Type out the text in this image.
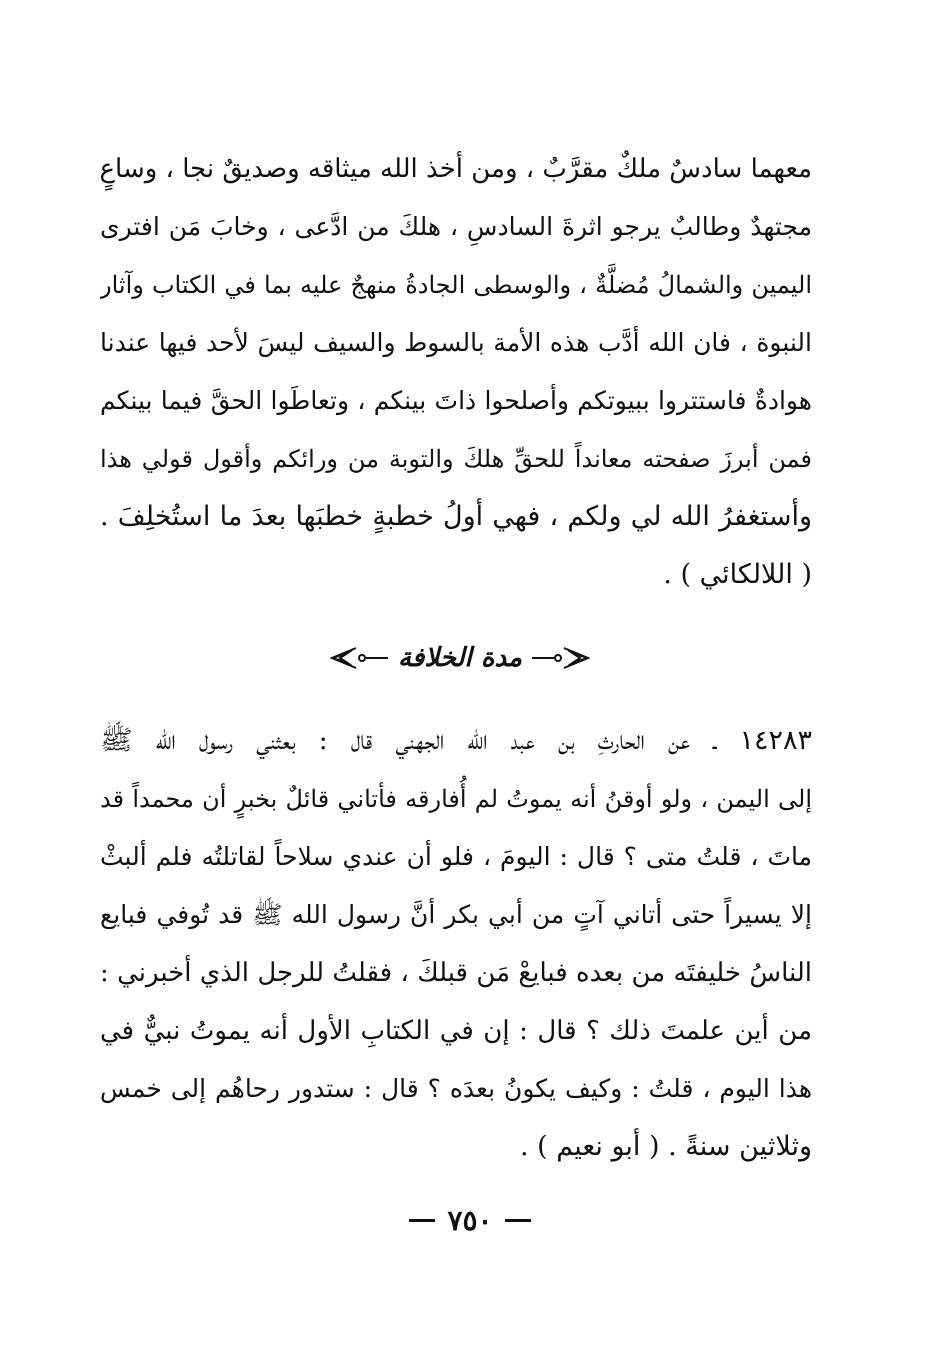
معهما سادسٌ ملكٌ مقرَّبٌ ، ومن أخذ الله ميثاقه وصديقٌ نجا ، وساعٍ
مجتهدٌ وطالبٌ يرجو اثرةَ السادسِ ، هلكَ من ادَّعى ، وخابَ مَن افترى
اليمين والشمالُ مُضلَّةٌ ، والوسطى الجادةُ منهجٌ عليه بما في الكتاب وآثار
النبوة ، فان الله أدَّب هذه الأمة بالسوط والسيف ليسَ لأحد فيها عندنا
هوادةٌ فاستتروا ببيوتكم وأصلحوا ذاتَ بينكم ، وتعاطَوا الحقَّ فيما بينكم
فمن أبرزَ صفحته معانداً للحقِّ هلكَ والتوبة من ورائكم وأقول قولي هذا
وأستغفرُ الله لي ولكم ، فهي أولُ خطبةٍ خطبَها بعدَ ما استُخلِفَ .
( اللالكائي ) .
مدة الخلافة
١٤٢٨٣ ـ عن الحارثِ بن عبد الله الجهني قال : بعثني رسول الله ﷺ
إلى اليمن ، ولو أوقنُ أنه يموتُ لم أُفارقه فأتاني قائلٌ بخبرٍ أن محمداً قد
ماتَ ، قلتُ متى ؟ قال : اليومَ ، فلو أن عندي سلاحاً لقاتلتُه فلم ألبثْ
إلا يسيراً حتى أتاني آتٍ من أبي بكر أنَّ رسول الله ﷺ قد تُوفي فبايع
الناسُ خليفتَه من بعده فبايعْ مَن قبلكَ ، فقلتُ للرجل الذي أخبرني :
من أين علمتَ ذلك ؟ قال : إن في الكتابِ الأول أنه يموتُ نبيٌّ في
هذا اليوم ، قلتُ : وكيف يكونُ بعدَه ؟ قال : ستدور رحاهُم إلى خمس
وثلاثين سنةً . ( أبو نعيم ) .
٧٥٠
